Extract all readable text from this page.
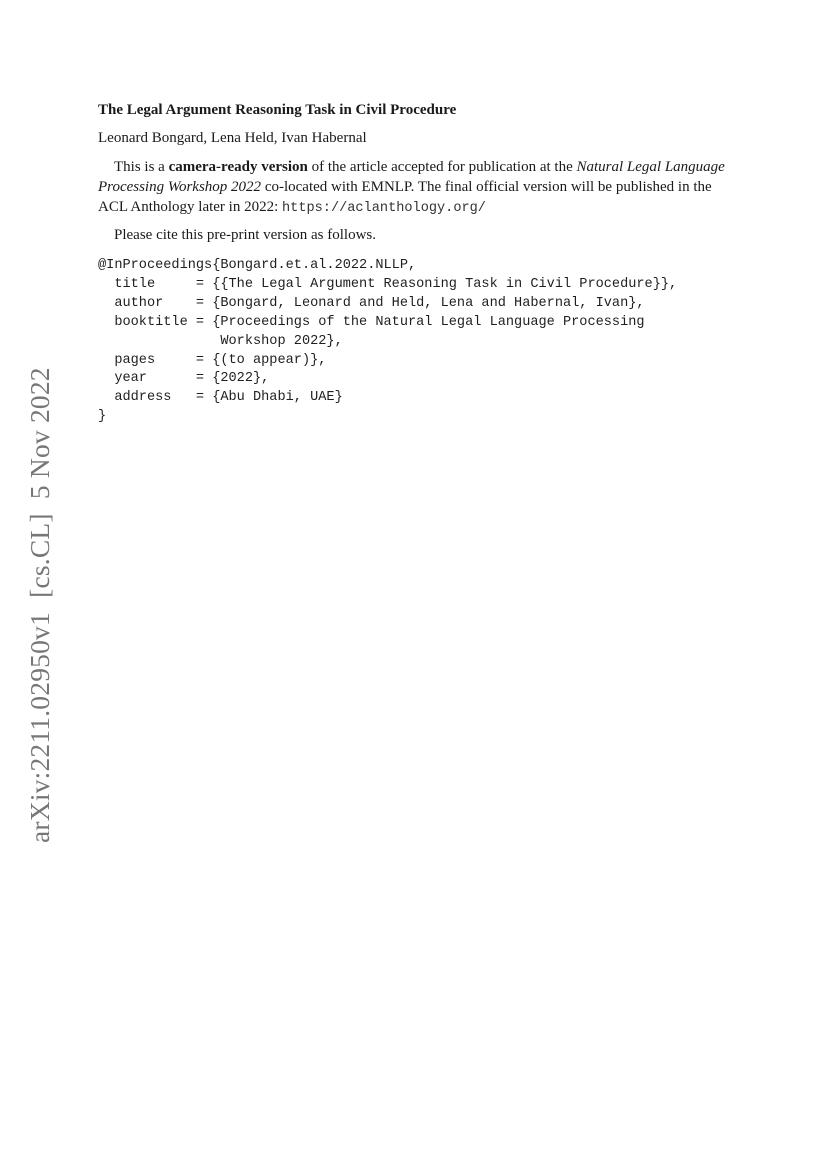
The Legal Argument Reasoning Task in Civil Procedure
Leonard Bongard, Lena Held, Ivan Habernal
This is a camera-ready version of the article accepted for publication at the Natural Legal Language Processing Workshop 2022 co-located with EMNLP. The final official version will be published in the ACL Anthology later in 2022: https://aclanthology.org/
Please cite this pre-print version as follows.
@InProceedings{Bongard.et.al.2022.NLLP,
title     = {{The Legal Argument Reasoning Task in Civil Procedure}},
author    = {Bongard, Leonard and Held, Lena and Habernal, Ivan},
booktitle = {Proceedings of the Natural Legal Language Processing
Workshop 2022},
pages     = {(to appear)},
year      = {2022},
address   = {Abu Dhabi, UAE}
}
arXiv:2211.02950v1  [cs.CL]  5 Nov 2022
